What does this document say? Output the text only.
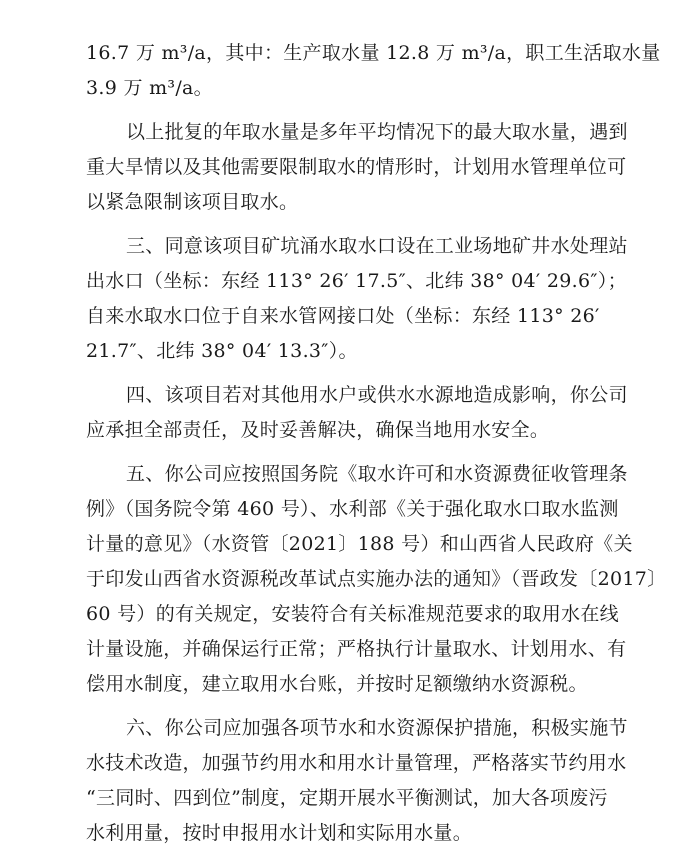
16.7 万 m³/a，其中：生产取水量 12.8 万 m³/a，职工生活取水量
3.9 万 m³/a。
以上批复的年取水量是多年平均情况下的最大取水量，遇到
重大旱情以及其他需要限制取水的情形时，计划用水管理单位可
以紧急限制该项目取水。
三、同意该项目矿坑涌水取水口设在工业场地矿井水处理站
出水口（坐标：东经 113° 26′ 17.5″、北纬 38° 04′ 29.6″）；
自来水取水口位于自来水管网接口处（坐标：东经 113° 26′
21.7″、北纬 38° 04′ 13.3″）。
四、该项目若对其他用水户或供水水源地造成影响，你公司
应承担全部责任，及时妥善解决，确保当地用水安全。
五、你公司应按照国务院《取水许可和水资源费征收管理条
例》（国务院令第 460 号）、水利部《关于强化取水口取水监测
计量的意见》（水资管〔2021〕188 号）和山西省人民政府《关
于印发山西省水资源税改革试点实施办法的通知》（晋政发〔2017〕
60 号）的有关规定，安装符合有关标准规范要求的取用水在线
计量设施，并确保运行正常；严格执行计量取水、计划用水、有
偿用水制度，建立取用水台账，并按时足额缴纳水资源税。
六、你公司应加强各项节水和水资源保护措施，积极实施节
水技术改造，加强节约用水和用水计量管理，严格落实节约用水
“三同时、四到位”制度，定期开展水平衡测试，加大各项废污
水利用量，按时申报用水计划和实际用水量。
